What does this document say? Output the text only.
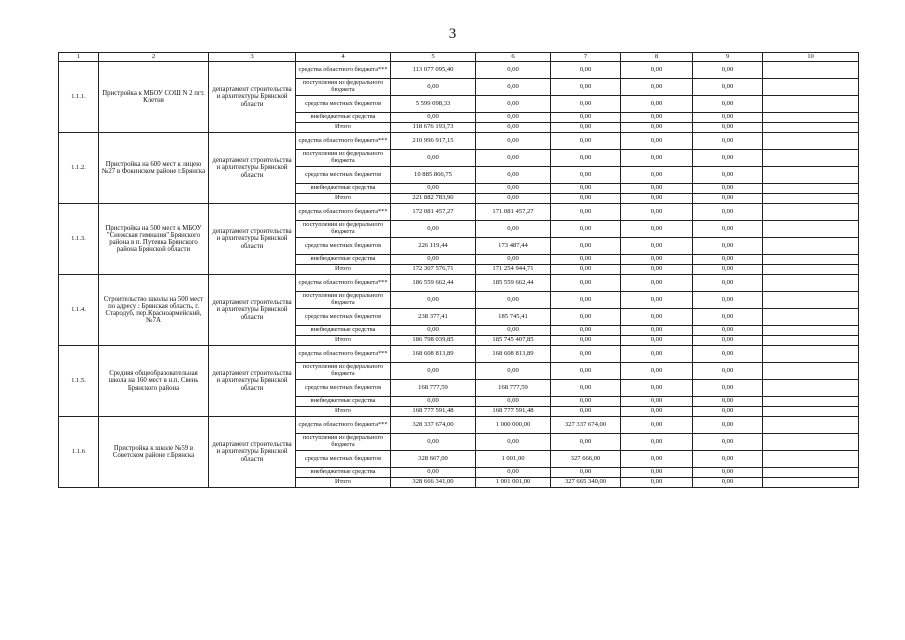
3
1	2	3	4	5	6	7	8	9	10
1.1.1.	Пристройка к МБОУ СОШ N 2 пгт. Клетня	департамент строительства и архитектуры Брянской области	средства областного бюджета***	113 077 095,40	0,00	0,00	0,00	0,00	
			поступления из федерального бюджета	0,00	0,00	0,00	0,00	0,00	
			средства местных бюджетов	5 599 098,33	0,00	0,00	0,00	0,00	
			внебюджетные средства	0,00	0,00	0,00	0,00	0,00	
			Итого	118 676 193,73	0,00	0,00	0,00	0,00	
1.1.2.	Пристройка на 600 мест к лицею №27 в Фокинском районе г.Брянска	департамент строительства и архитектуры Брянской области	средства областного бюджета***	210 996 917,15	0,00	0,00	0,00	0,00	
			поступления из федерального бюджета	0,00	0,00	0,00	0,00	0,00	
			средства местных бюджетов	10 885 866,75	0,00	0,00	0,00	0,00	
			внебюджетные средства	0,00	0,00	0,00	0,00	0,00	
			Итого	221 882 783,90	0,00	0,00	0,00	0,00	
1.1.3.	Пристройка на 500 мест к МБОУ "Снежская гимназия" Брянского района в п. Путевка Брянского района Брянской области	департамент строительства и архитектуры Брянской области	средства областного бюджета***	172 081 457,27	171 081 457,27	0,00	0,00	0,00	
			поступления из федерального бюджета	0,00	0,00	0,00	0,00	0,00	
			средства местных бюджетов	226 119,44	173 487,44	0,00	0,00	0,00	
			внебюджетные средства	0,00	0,00	0,00	0,00	0,00	
			Итого	172 307 576,71	171 254 944,71	0,00	0,00	0,00	
1.1.4.	Строительство школы на 500 мест по адресу : Брянская область, г. Стародуб, пер.Красноармейский,№7А	департамент строительства и архитектуры Брянской области	средства областного бюджета***	186 559 662,44	185 559 662,44	0,00	0,00	0,00	
			поступления из федерального бюджета	0,00	0,00	0,00	0,00	0,00	
			средства местных бюджетов	238 377,41	185 745,41	0,00	0,00	0,00	
			внебюджетные средства	0,00	0,00	0,00	0,00	0,00	
			Итого	186 798 039,85	185 745 407,85	0,00	0,00	0,00	
1.1.5.	Средняя общеобразовательная школа на 160 мест в н.п. Свень Брянского района	департамент строительства и архитектуры Брянской области	средства областного бюджета***	168 608 813,89	168 608 813,89	0,00	0,00	0,00	
			поступления из федерального бюджета	0,00	0,00	0,00	0,00	0,00	
			средства местных бюджетов	168 777,59	168 777,59	0,00	0,00	0,00	
			внебюджетные средства	0,00	0,00	0,00	0,00	0,00	
			Итого	168 777 591,48	168 777 591,48	0,00	0,00	0,00	
1.1.6	Пристройка к школе №59 в Советском районе г.Брянска	департамент строительства и архитектуры Брянской области	средства областного бюджета***	328 337 674,00	1 000 000,00	327 337 674,00	0,00	0,00	
			поступления из федерального бюджета	0,00	0,00	0,00	0,00	0,00	
			средства местных бюджетов	328 667,00	1 001,00	327 666,00	0,00	0,00	
			внебюджетные средства	0,00	0,00	0,00	0,00	0,00	
			Итого	328 666 341,00	1 001 001,00	327 665 340,00	0,00	0,00	
